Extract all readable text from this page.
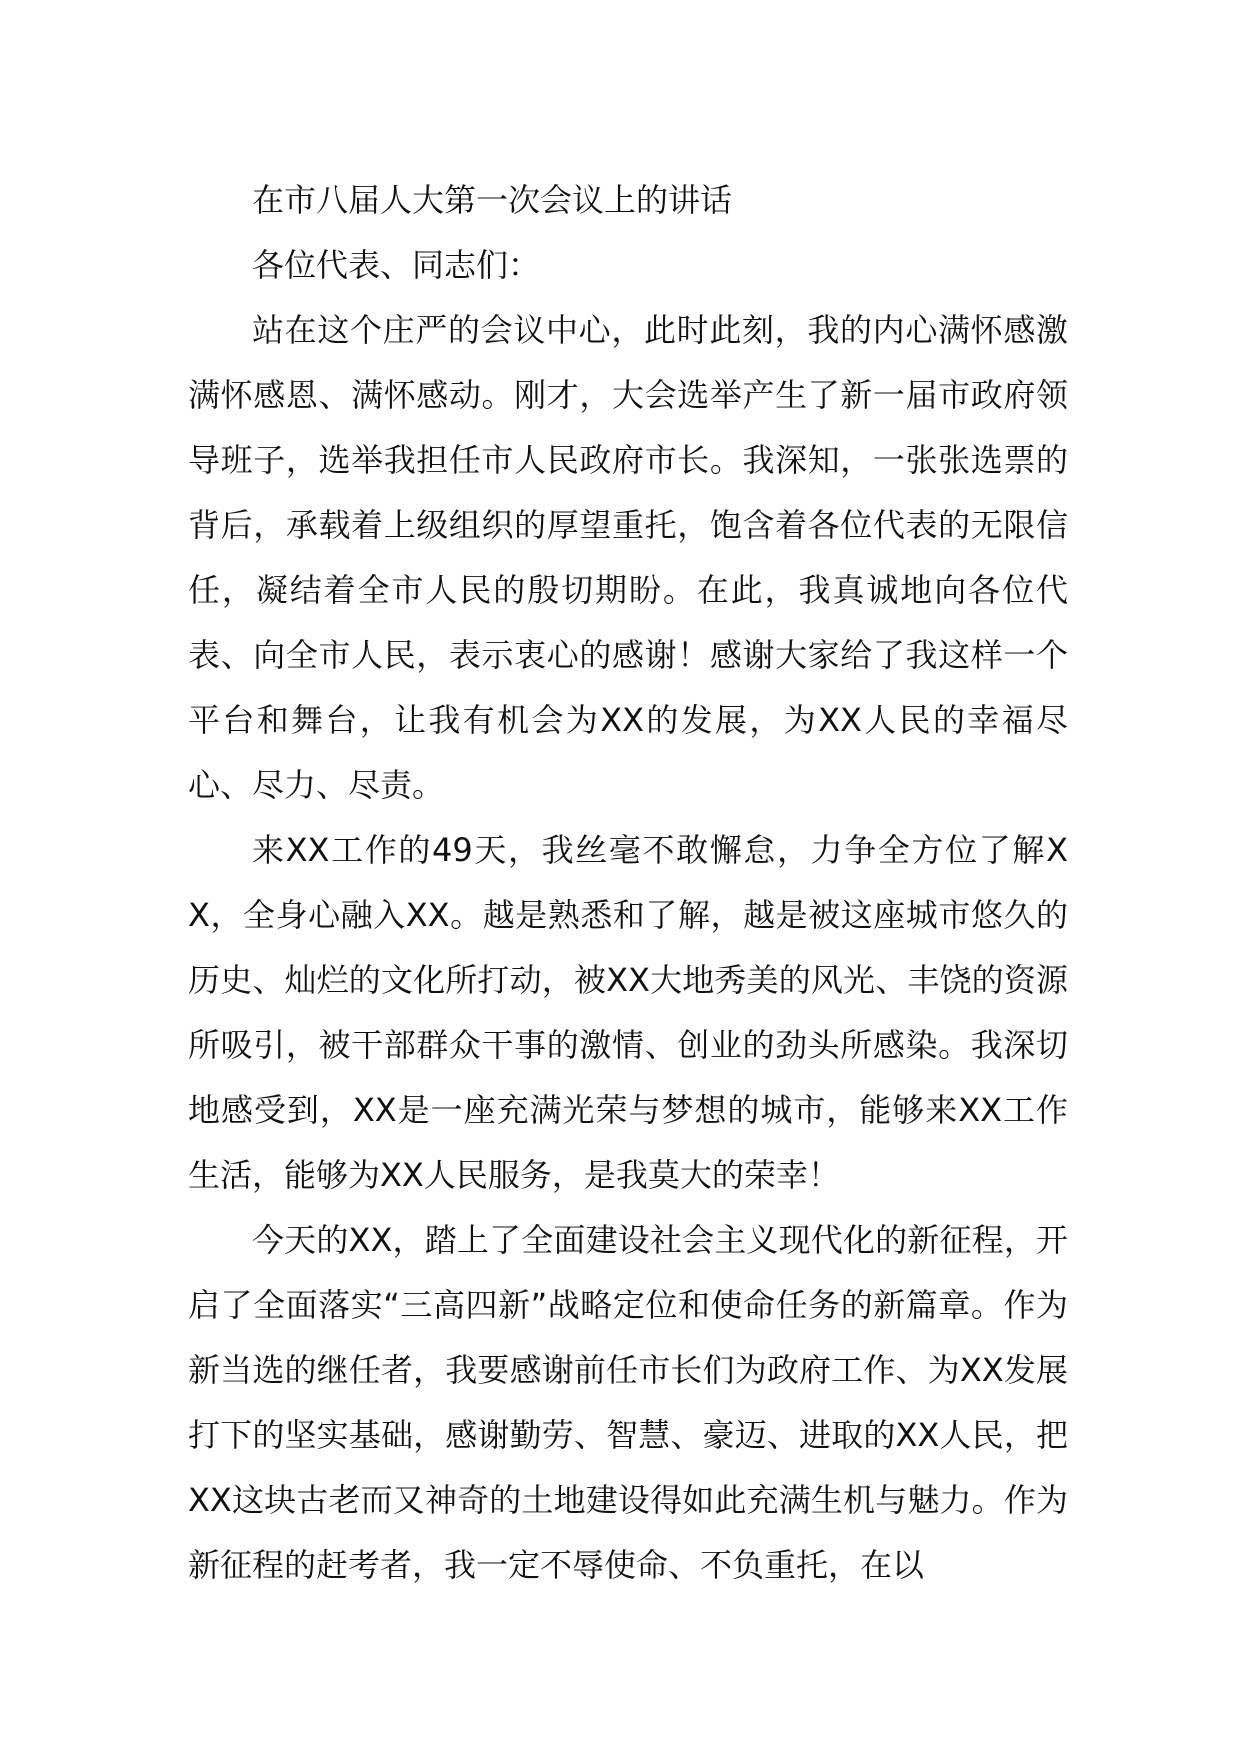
在市八届人大第一次会议上的讲话

各位代表、同志们：

站在这个庄严的会议中心，此时此刻，我的内心满怀感激满怀感恩、满怀感动。刚才，大会选举产生了新一届市政府领导班子，选举我担任市人民政府市长。我深知，一张张选票的背后，承载着上级组织的厚望重托，饱含着各位代表的无限信任，凝结着全市人民的殷切期盼。在此，我真诚地向各位代表、向全市人民，表示衷心的感谢！感谢大家给了我这样一个平台和舞台，让我有机会为XX的发展，为XX人民的幸福尽心、尽力、尽责。

来XX工作的49天，我丝毫不敢懈怠，力争全方位了解XX，全身心融入XX。越是熟悉和了解，越是被这座城市悠久的历史、灿烂的文化所打动，被XX大地秀美的风光、丰饶的资源所吸引，被干部群众干事的激情、创业的劲头所感染。我深切地感受到，XX是一座充满光荣与梦想的城市，能够来XX工作生活，能够为XX人民服务，是我莫大的荣幸！

今天的XX，踏上了全面建设社会主义现代化的新征程，开启了全面落实“三高四新”战略定位和使命任务的新篇章。作为新当选的继任者，我要感谢前任市长们为政府工作、为XX发展打下的坚实基础，感谢勤劳、智慧、豪迈、进取的XX人民，把XX这块古老而又神奇的土地建设得如此充满生机与魅力。作为新征程的赶考者，我一定不辱使命、不负重托，在以
